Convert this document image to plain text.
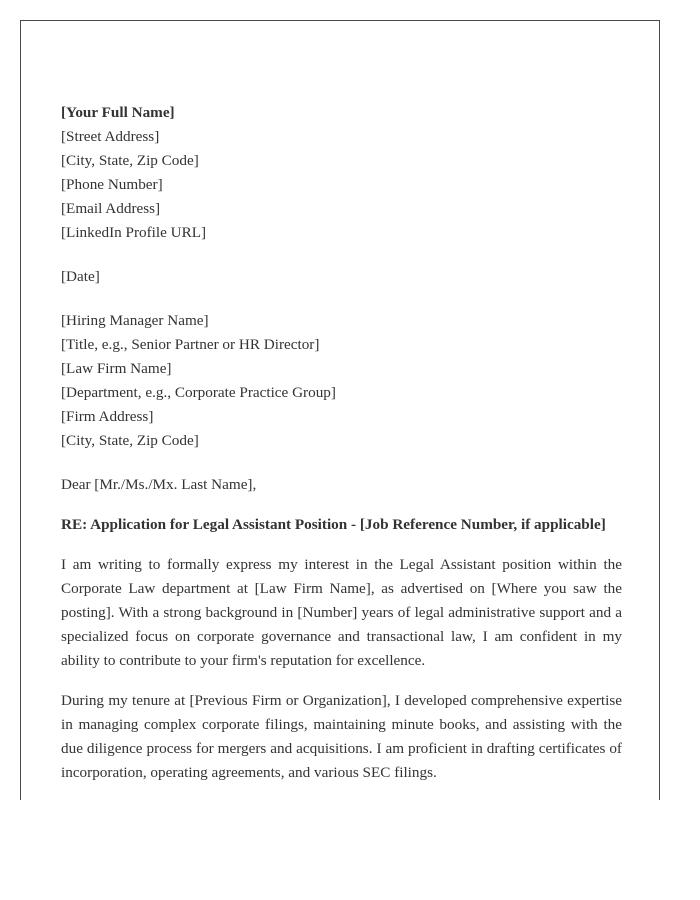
[Your Full Name]
[Street Address]
[City, State, Zip Code]
[Phone Number]
[Email Address]
[LinkedIn Profile URL]
[Date]
[Hiring Manager Name]
[Title, e.g., Senior Partner or HR Director]
[Law Firm Name]
[Department, e.g., Corporate Practice Group]
[Firm Address]
[City, State, Zip Code]
Dear [Mr./Ms./Mx. Last Name],
RE: Application for Legal Assistant Position - [Job Reference Number, if applicable]

I am writing to formally express my interest in the Legal Assistant position within the Corporate Law department at [Law Firm Name], as advertised on [Where you saw the posting]. With a strong background in [Number] years of legal administrative support and a specialized focus on corporate governance and transactional law, I am confident in my ability to contribute to your firm's reputation for excellence.

During my tenure at [Previous Firm or Organization], I developed comprehensive expertise in managing complex corporate filings, maintaining minute books, and assisting with the due diligence process for mergers and acquisitions. I am proficient in drafting certificates of incorporation, operating agreements, and various SEC filings.
